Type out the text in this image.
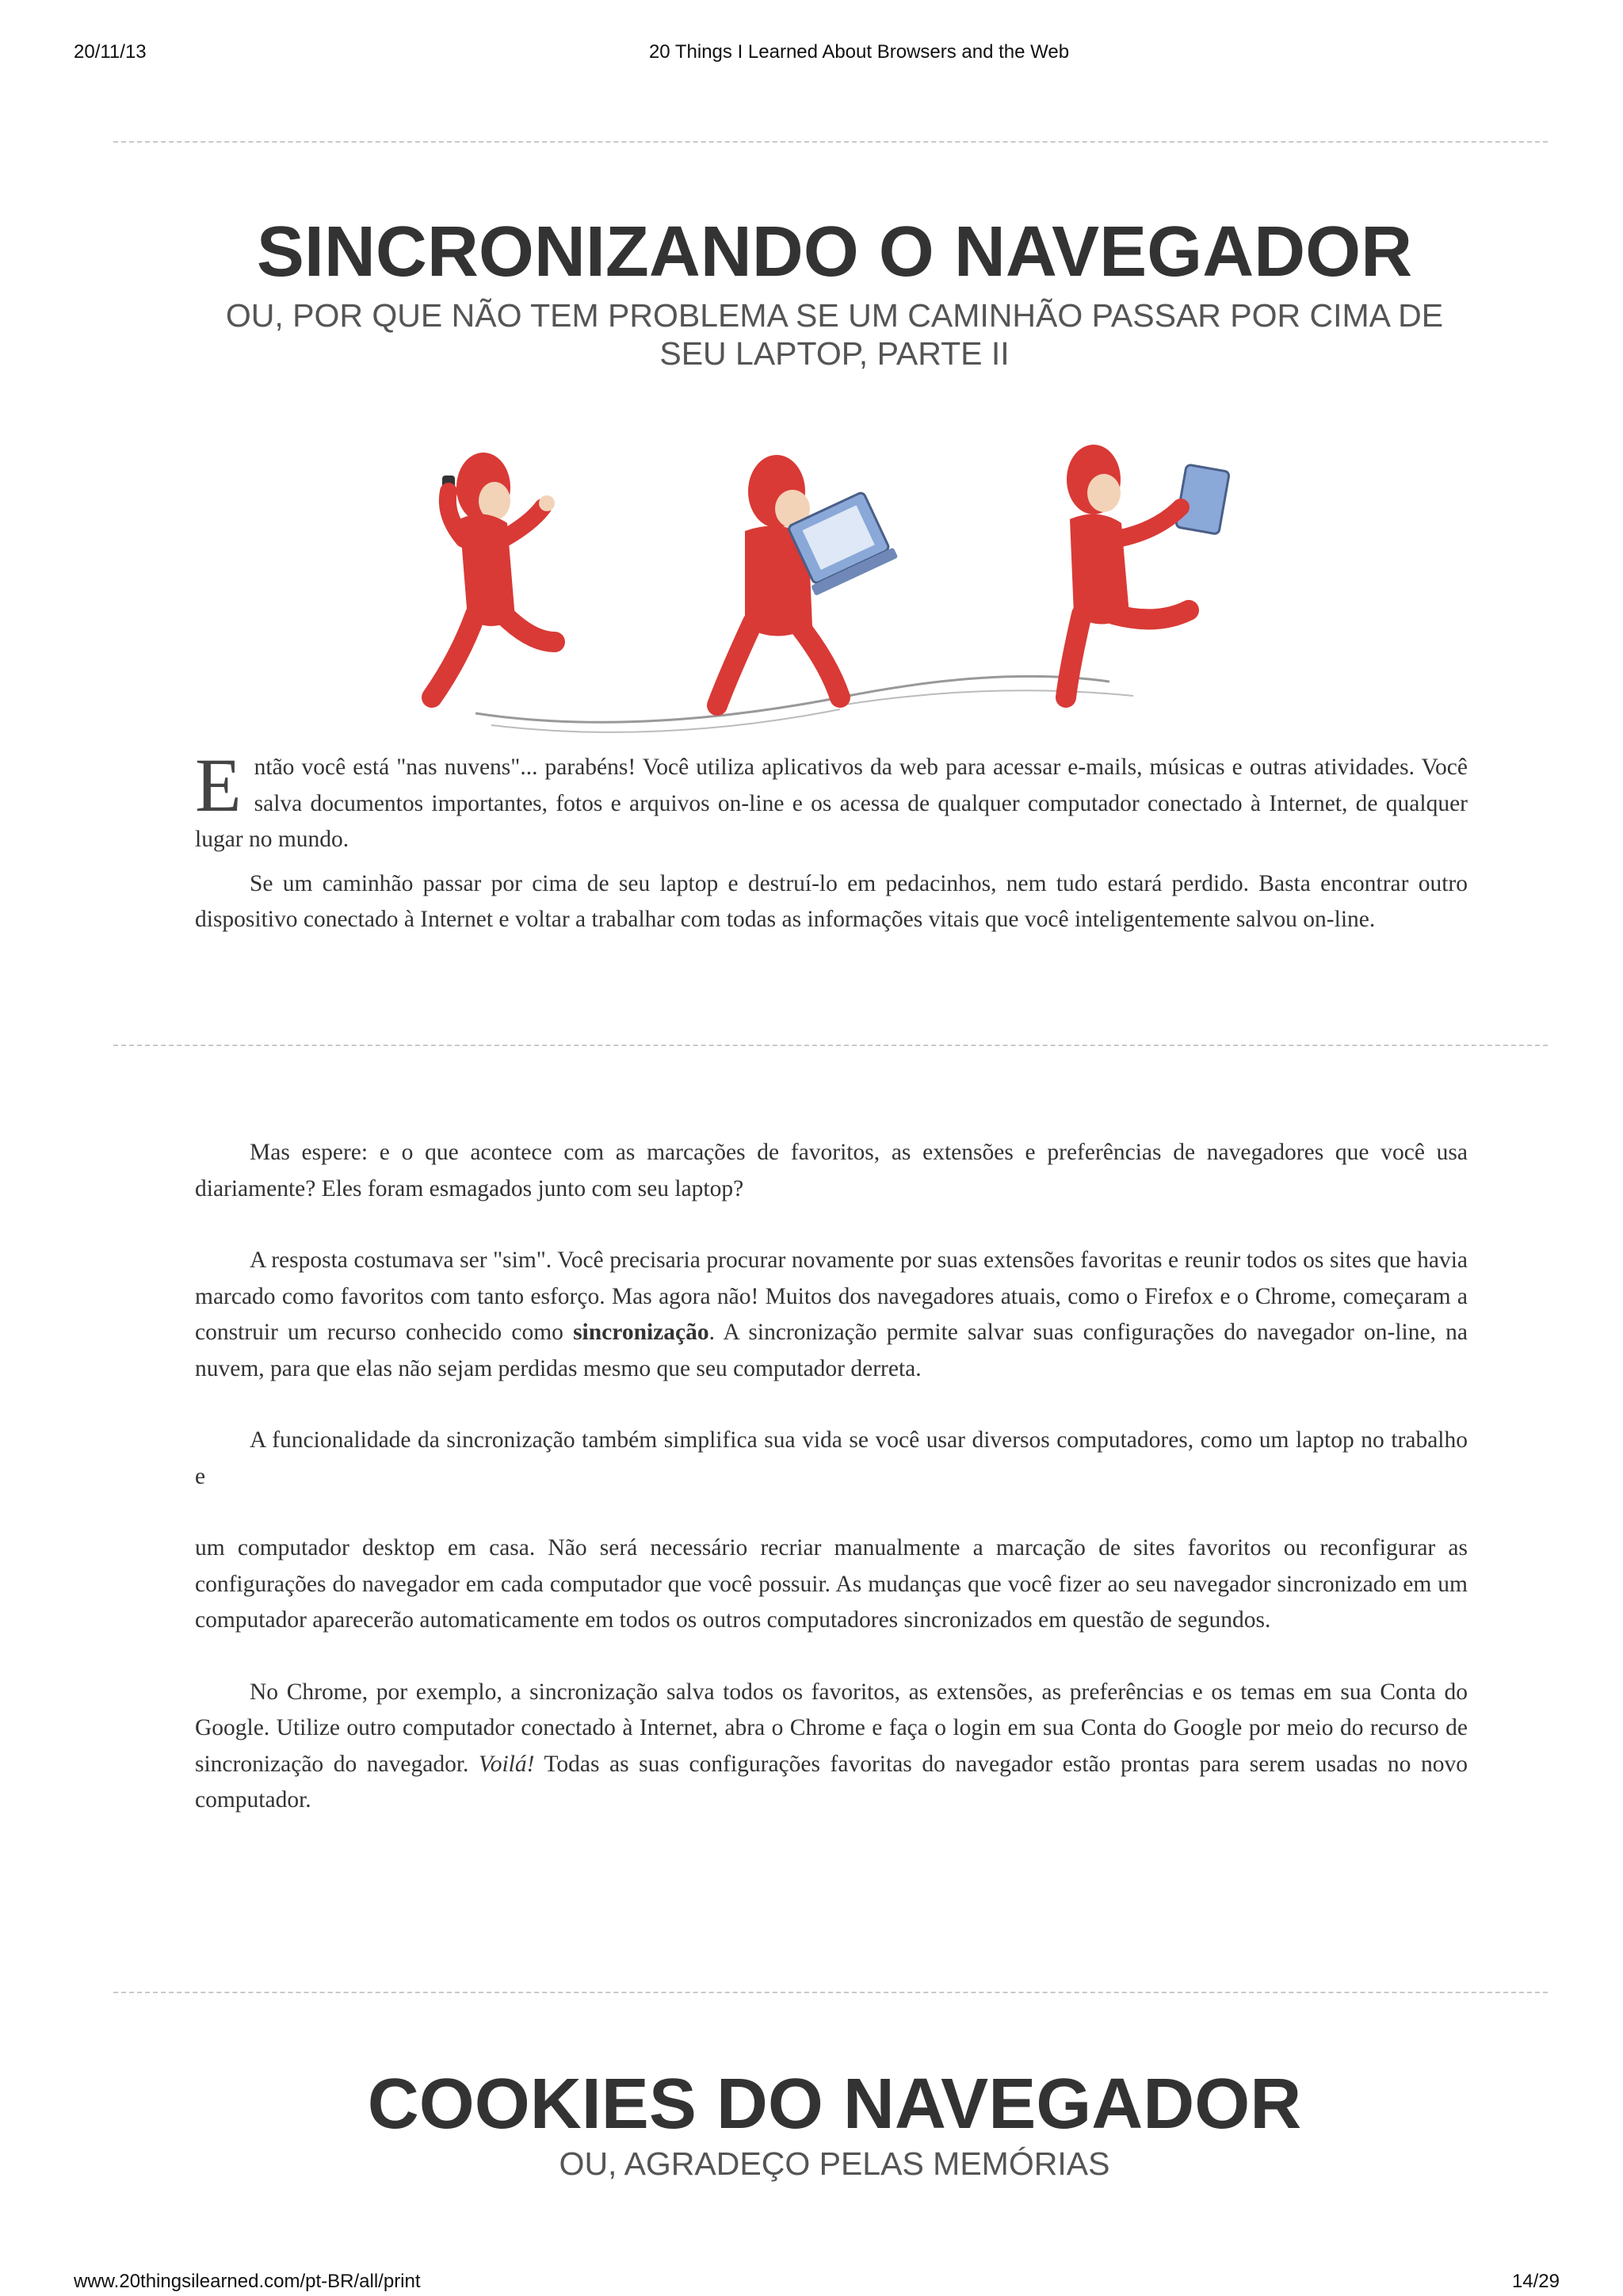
20/11/13	20 Things I Learned About Browsers and the Web
SINCRONIZANDO O NAVEGADOR
OU, POR QUE NÃO TEM PROBLEMA SE UM CAMINHÃO PASSAR POR CIMA DE SEU LAPTOP, PARTE II

Então você está "nas nuvens"... parabéns! Você utiliza aplicativos da web para acessar e-mails, músicas e outras atividades. Você salva documentos importantes, fotos e arquivos on-line e os acessa de qualquer computador conectado à Internet, de qualquer lugar no mundo.

Se um caminhão passar por cima de seu laptop e destruí-lo em pedacinhos, nem tudo estará perdido. Basta encontrar outro dispositivo conectado à Internet e voltar a trabalhar com todas as informações vitais que você inteligentemente salvou on-line.

Mas espere: e o que acontece com as marcações de favoritos, as extensões e preferências de navegadores que você usa diariamente? Eles foram esmagados junto com seu laptop?

A resposta costumava ser "sim". Você precisaria procurar novamente por suas extensões favoritas e reunir todos os sites que havia marcado como favoritos com tanto esforço. Mas agora não! Muitos dos navegadores atuais, como o Firefox e o Chrome, começaram a construir um recurso conhecido como sincronização. A sincronização permite salvar suas configurações do navegador on-line, na nuvem, para que elas não sejam perdidas mesmo que seu computador derreta.

A funcionalidade da sincronização também simplifica sua vida se você usar diversos computadores, como um laptop no trabalho e

um computador desktop em casa. Não será necessário recriar manualmente a marcação de sites favoritos ou reconfigurar as configurações do navegador em cada computador que você possuir. As mudanças que você fizer ao seu navegador sincronizado em um computador aparecerão automaticamente em todos os outros computadores sincronizados em questão de segundos.

No Chrome, por exemplo, a sincronização salva todos os favoritos, as extensões, as preferências e os temas em sua Conta do Google. Utilize outro computador conectado à Internet, abra o Chrome e faça o login em sua Conta do Google por meio do recurso de sincronização do navegador. Voilá! Todas as suas configurações favoritas do navegador estão prontas para serem usadas no novo computador.

COOKIES DO NAVEGADOR
OU, AGRADEÇO PELAS MEMÓRIAS
www.20thingsilearned.com/pt-BR/all/print	14/29
